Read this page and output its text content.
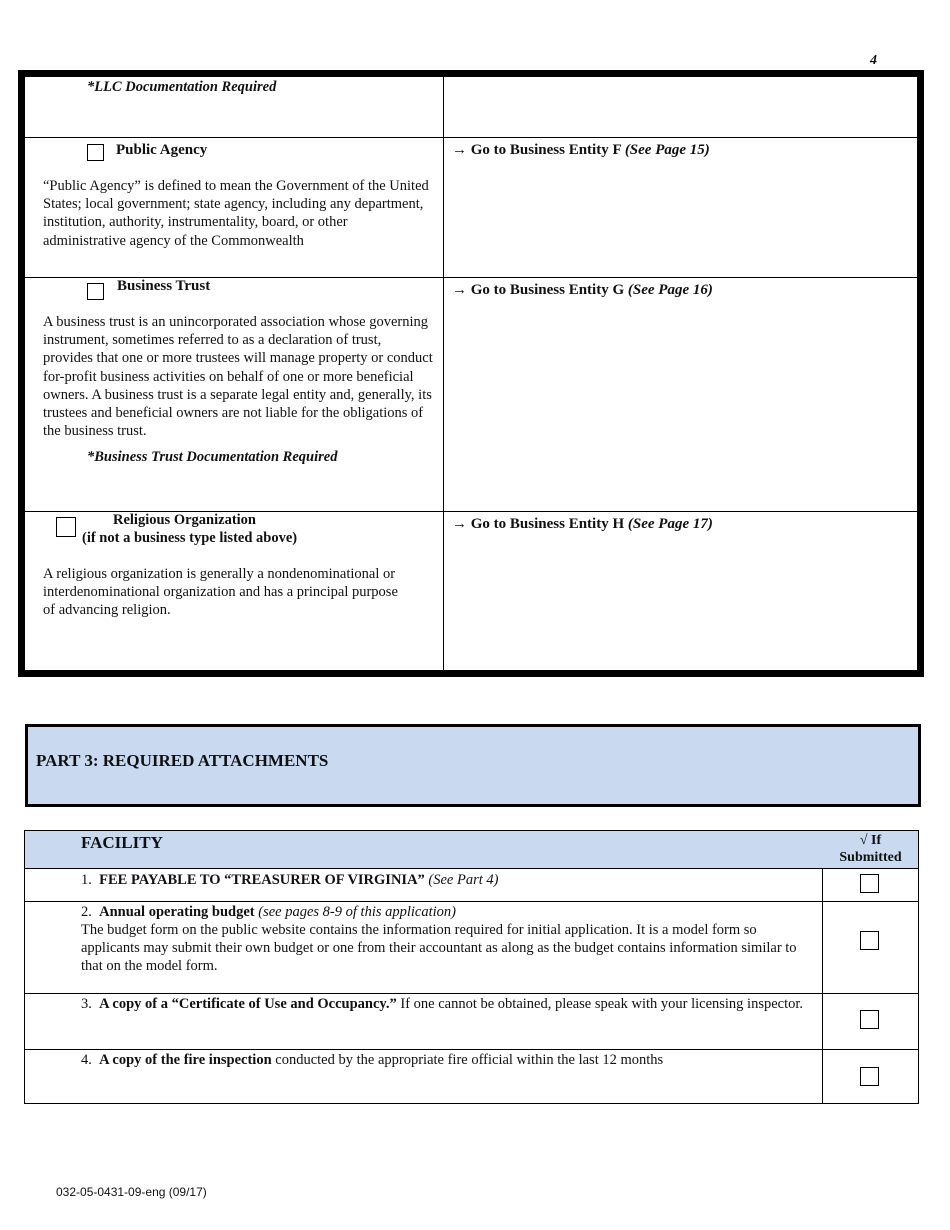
4
*LLC Documentation Required
Public Agency
“Public Agency” is defined to mean the Government of the United States; local government; state agency, including any department, institution, authority, instrumentality, board, or other administrative agency of the Commonwealth
→ Go to Business Entity F (See Page 15)
Business Trust
A business trust is an unincorporated association whose governing instrument, sometimes referred to as a declaration of trust, provides that one or more trustees will manage property or conduct for-profit business activities on behalf of one or more beneficial owners. A business trust is a separate legal entity and, generally, its trustees and beneficial owners are not liable for the obligations of the business trust.
*Business Trust Documentation Required
→ Go to Business Entity G (See Page 16)
Religious Organization
(if not a business type listed above)
A religious organization is generally a nondenominational or interdenominational organization and has a principal purpose of advancing religion.
→ Go to Business Entity H (See Page 17)
PART 3: REQUIRED ATTACHMENTS
FACILITY	√ If
Submitted
1. FEE PAYABLE TO “TREASURER OF VIRGINIA” (See Part 4)
2. Annual operating budget (see pages 8-9 of this application)
The budget form on the public website contains the information required for initial application. It is a model form so applicants may submit their own budget or one from their accountant as along as the budget contains information similar to that on the model form.
3. A copy of a “Certificate of Use and Occupancy.” If one cannot be obtained, please speak with your licensing inspector.
4. A copy of the fire inspection conducted by the appropriate fire official within the last 12 months
032-05-0431-09-eng (09/17)
